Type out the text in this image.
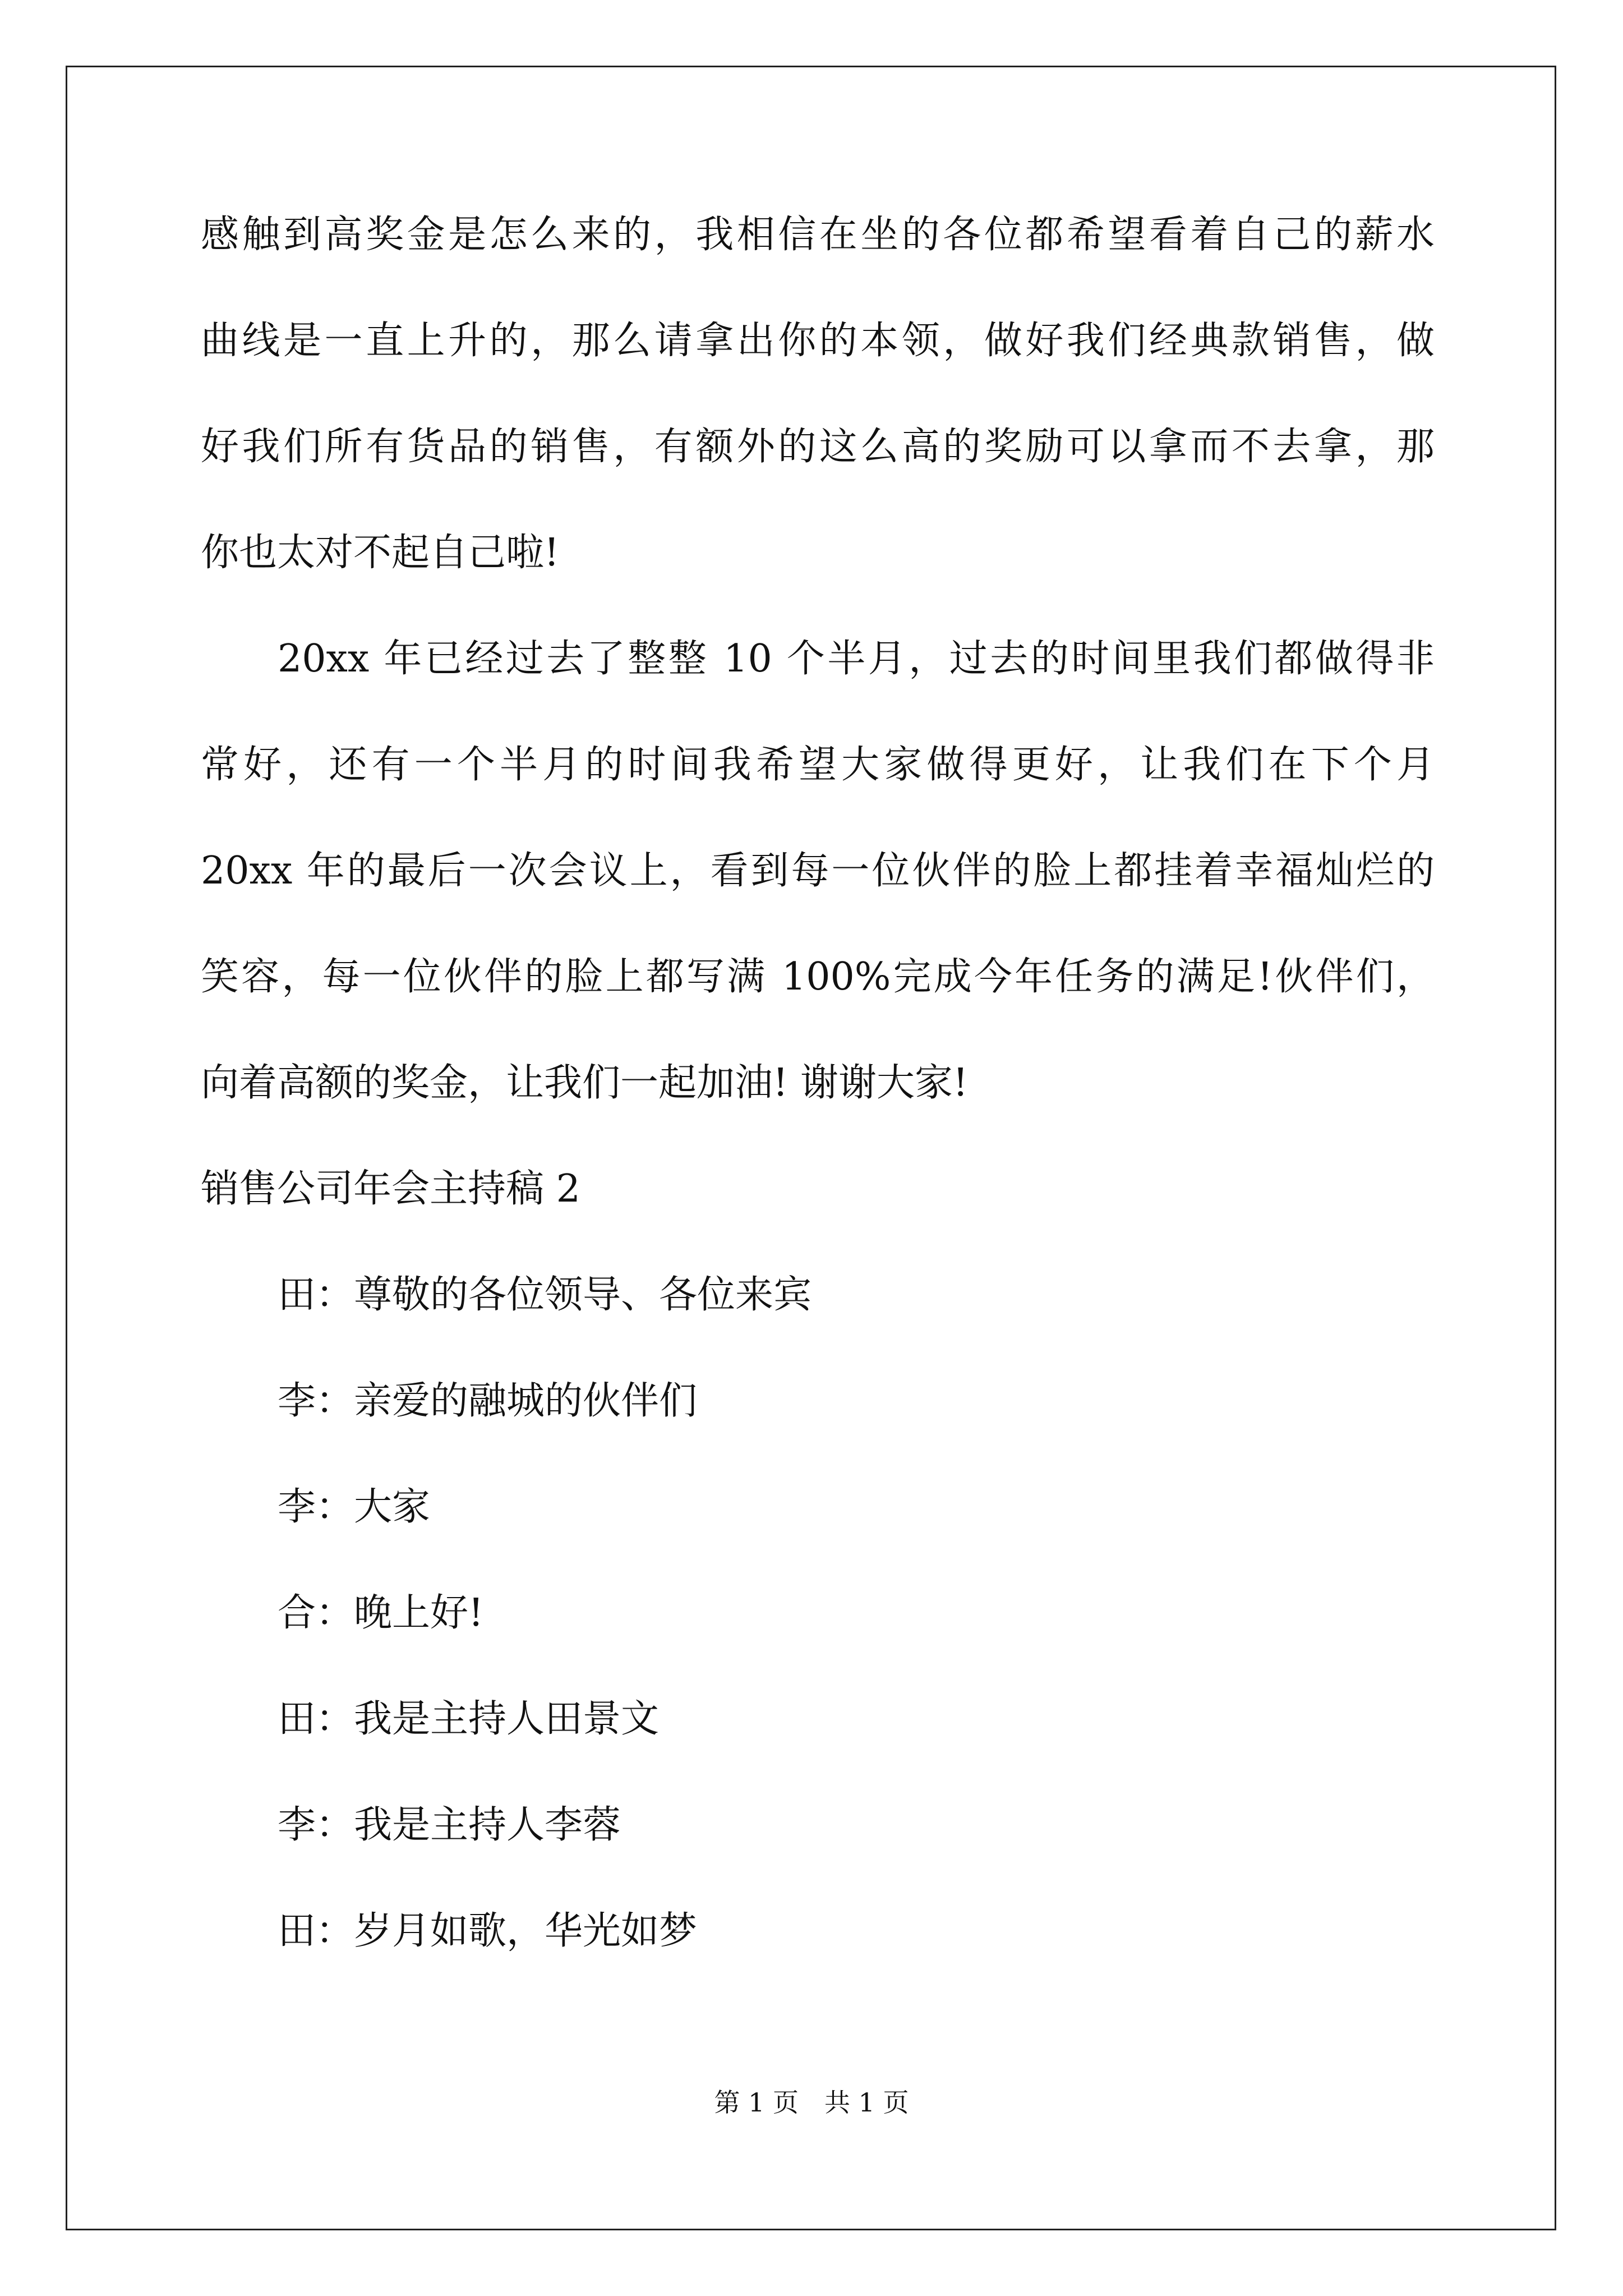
感触到高奖金是怎么来的，我相信在坐的各位都希望看着自己的薪水
曲线是一直上升的，那么请拿出你的本领，做好我们经典款销售，做
好我们所有货品的销售，有额外的这么高的奖励可以拿而不去拿，那
你也太对不起自己啦!
20xx 年已经过去了整整 10 个半月，过去的时间里我们都做得非
常好，还有一个半月的时间我希望大家做得更好，让我们在下个月
20xx 年的最后一次会议上，看到每一位伙伴的脸上都挂着幸福灿烂的
笑容，每一位伙伴的脸上都写满 100%完成今年任务的满足!伙伴们，
向着高额的奖金，让我们一起加油! 谢谢大家!
销售公司年会主持稿 2
田：尊敬的各位领导、各位来宾
李：亲爱的融城的伙伴们
李：大家
合：晚上好!
田：我是主持人田景文
李：我是主持人李蓉
田：岁月如歌，华光如梦
第 1 页　共 1 页
